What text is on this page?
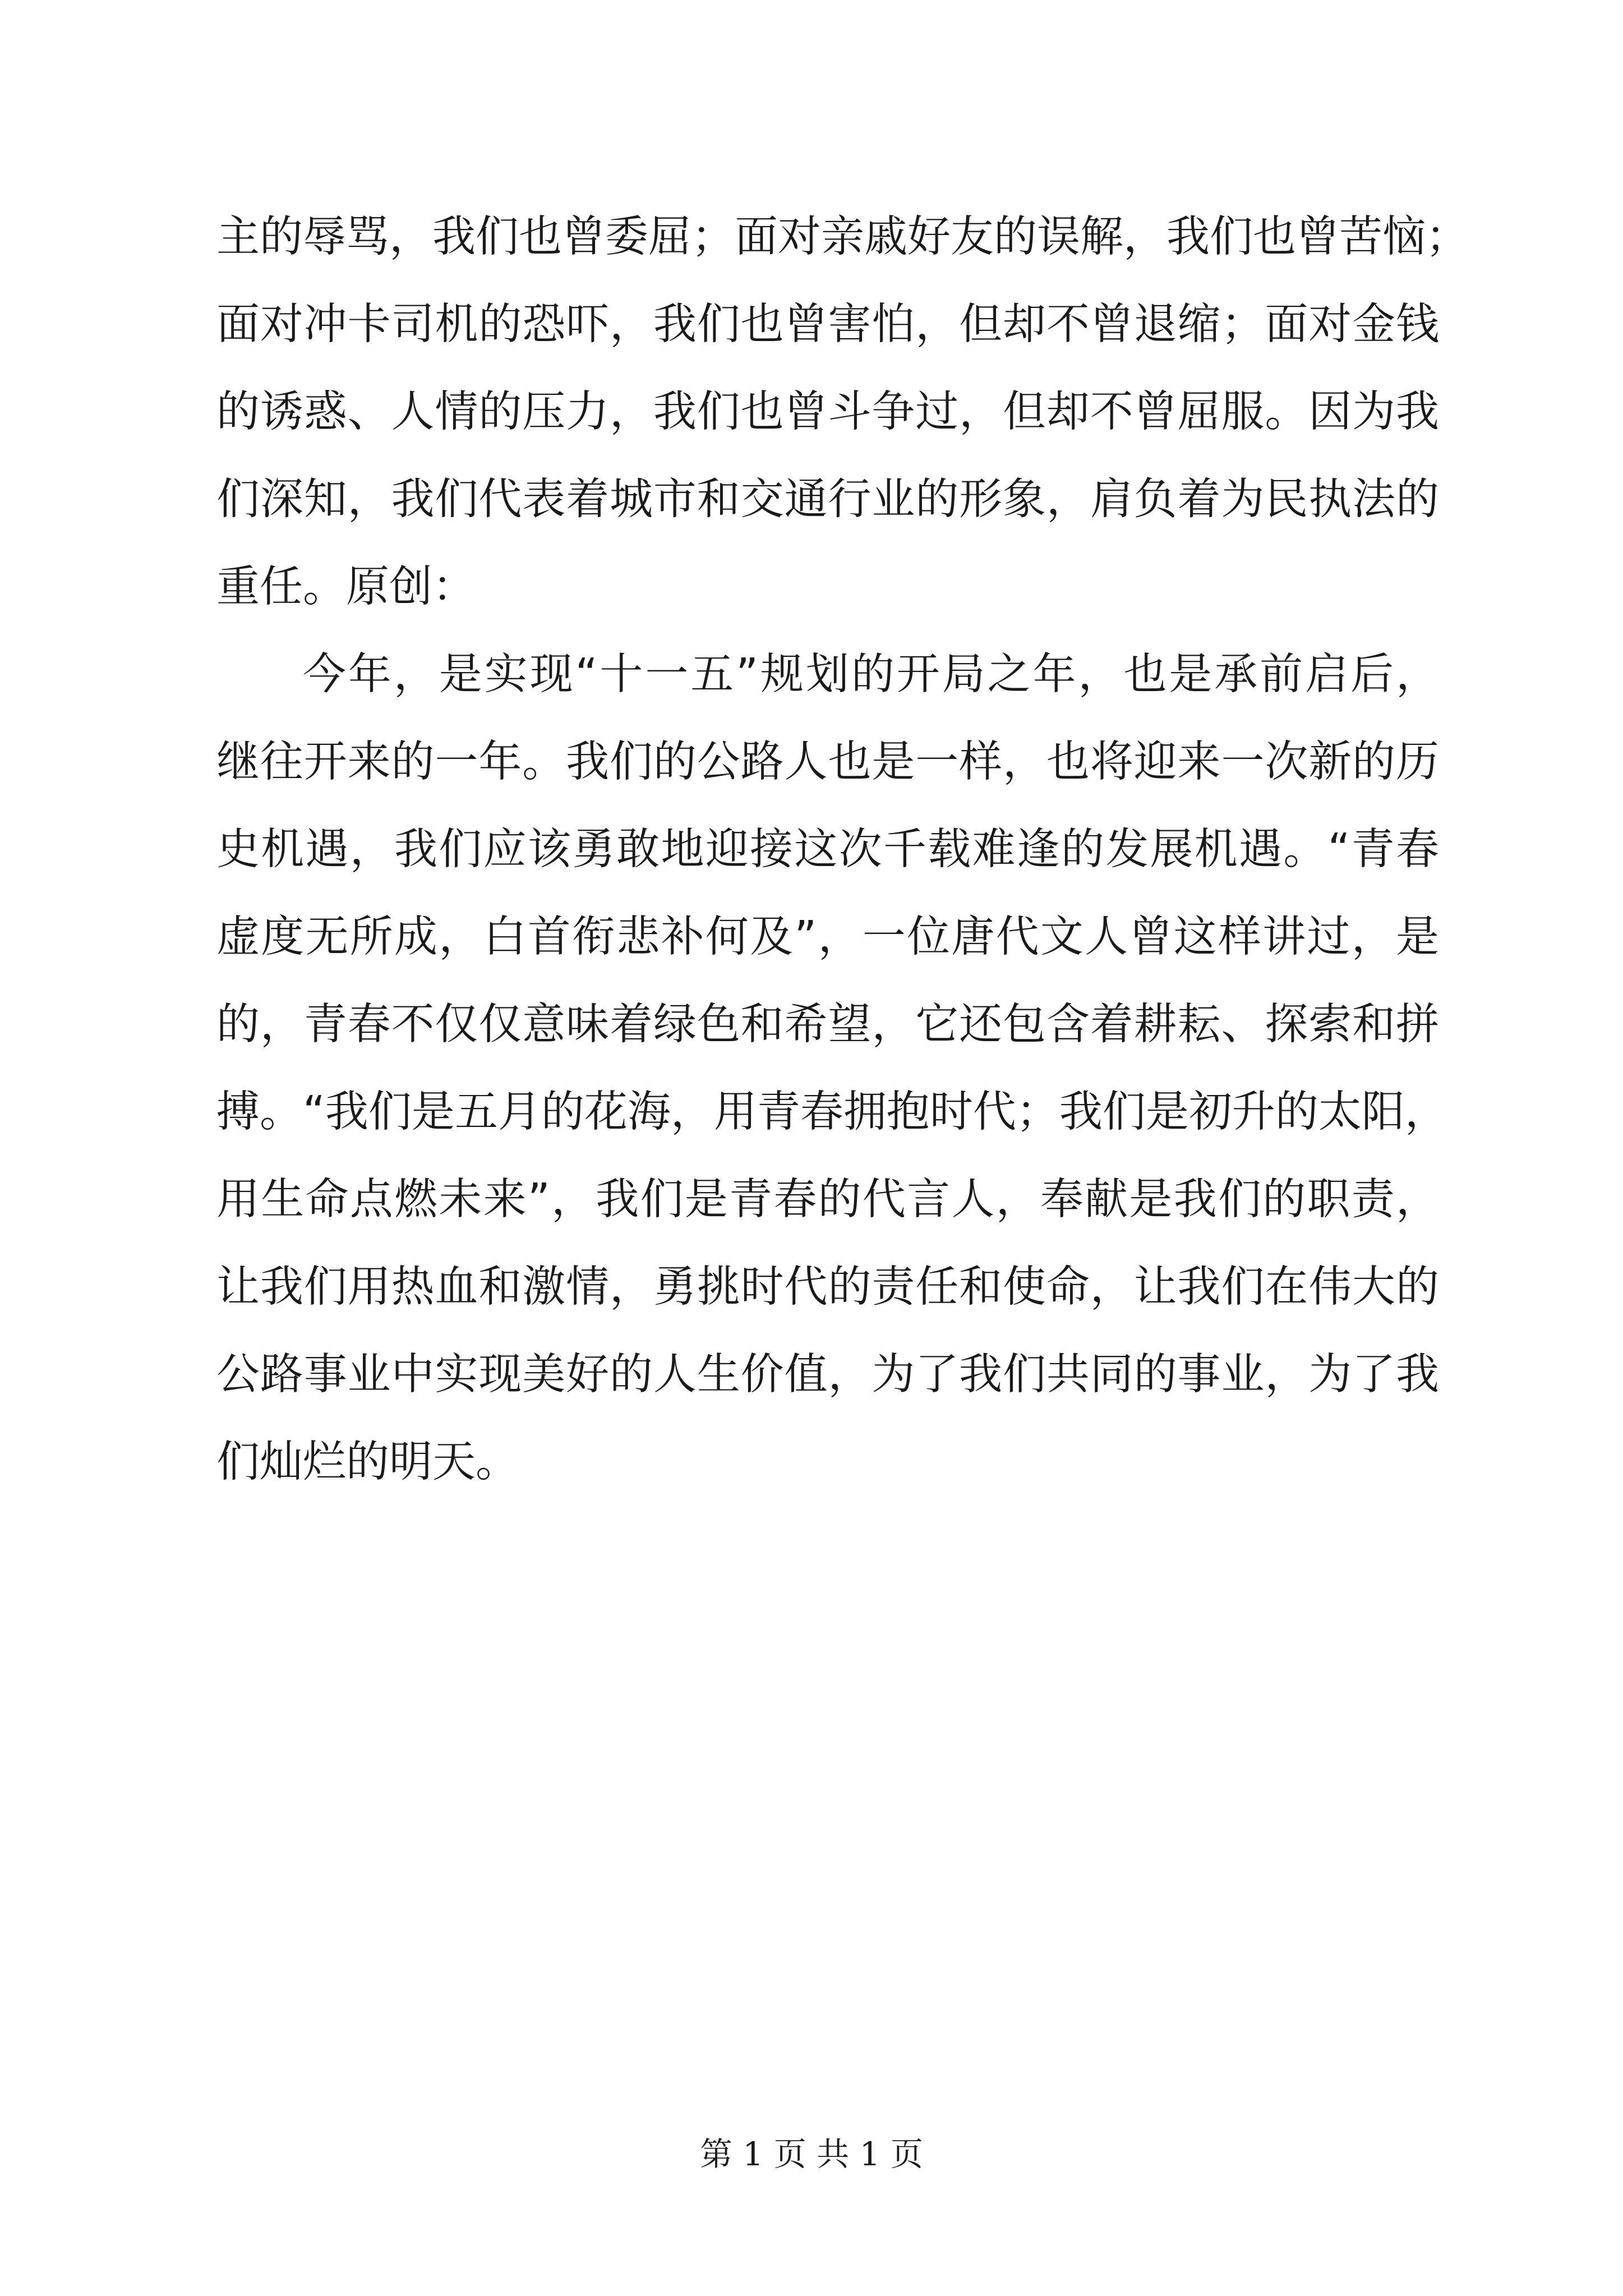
主的辱骂，我们也曾委屈；面对亲戚好友的误解，我们也曾苦恼；
面对冲卡司机的恐吓，我们也曾害怕，但却不曾退缩；面对金钱
的诱惑、人情的压力，我们也曾斗争过，但却不曾屈服。因为我
们深知，我们代表着城市和交通行业的形象，肩负着为民执法的
重任。原创：
今年，是实现“十一五”规划的开局之年，也是承前启后，
继往开来的一年。我们的公路人也是一样，也将迎来一次新的历
史机遇，我们应该勇敢地迎接这次千载难逢的发展机遇。“青春
虚度无所成，白首衔悲补何及”，一位唐代文人曾这样讲过，是
的，青春不仅仅意味着绿色和希望，它还包含着耕耘、探索和拼
搏。“我们是五月的花海，用青春拥抱时代；我们是初升的太阳，
用生命点燃未来”，我们是青春的代言人，奉献是我们的职责，
让我们用热血和激情，勇挑时代的责任和使命，让我们在伟大的
公路事业中实现美好的人生价值，为了我们共同的事业，为了我
们灿烂的明天。
第 1 页 共 1 页
